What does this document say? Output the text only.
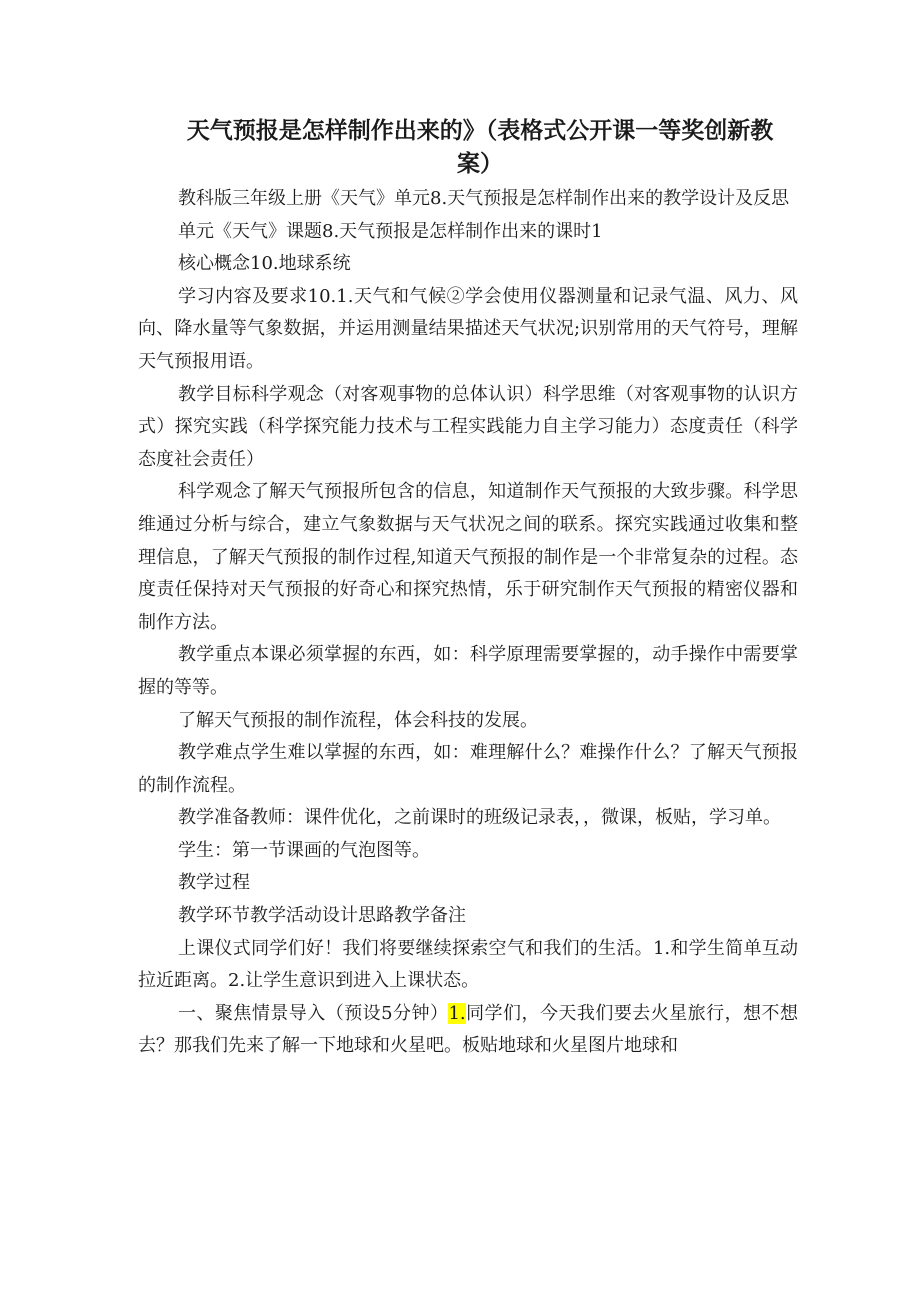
天气预报是怎样制作出来的》（表格式公开课一等奖创新教
案）

教科版三年级上册《天气》单元8.天气预报是怎样制作出来的教学设计及反思

单元《天气》课题8.天气预报是怎样制作出来的课时1

核心概念10.地球系统

学习内容及要求10.1.天气和气候②学会使用仪器测量和记录气温、风力、风向、降水量等气象数据，并运用测量结果描述天气状况;识别常用的天气符号，理解天气预报用语。

教学目标科学观念（对客观事物的总体认识）科学思维（对客观事物的认识方式）探究实践（科学探究能力技术与工程实践能力自主学习能力）态度责任（科学态度社会责任）

科学观念了解天气预报所包含的信息，知道制作天气预报的大致步骤。科学思维通过分析与综合，建立气象数据与天气状况之间的联系。探究实践通过收集和整理信息，了解天气预报的制作过程,知道天气预报的制作是一个非常复杂的过程。态度责任保持对天气预报的好奇心和探究热情，乐于研究制作天气预报的精密仪器和制作方法。

教学重点本课必须掌握的东西，如：科学原理需要掌握的，动手操作中需要掌握的等等。

了解天气预报的制作流程，体会科技的发展。

教学难点学生难以掌握的东西，如：难理解什么？难操作什么？了解天气预报的制作流程。

教学准备教师：课件优化，之前课时的班级记录表，，微课，板贴，学习单。

学生：第一节课画的气泡图等。

教学过程

教学环节教学活动设计思路教学备注

上课仪式同学们好！我们将要继续探索空气和我们的生活。1.和学生简单互动拉近距离。2.让学生意识到进入上课状态。

一、聚焦情景导入（预设5分钟）1.同学们，今天我们要去火星旅行，想不想去？那我们先来了解一下地球和火星吧。板贴地球和火星图片地球和
